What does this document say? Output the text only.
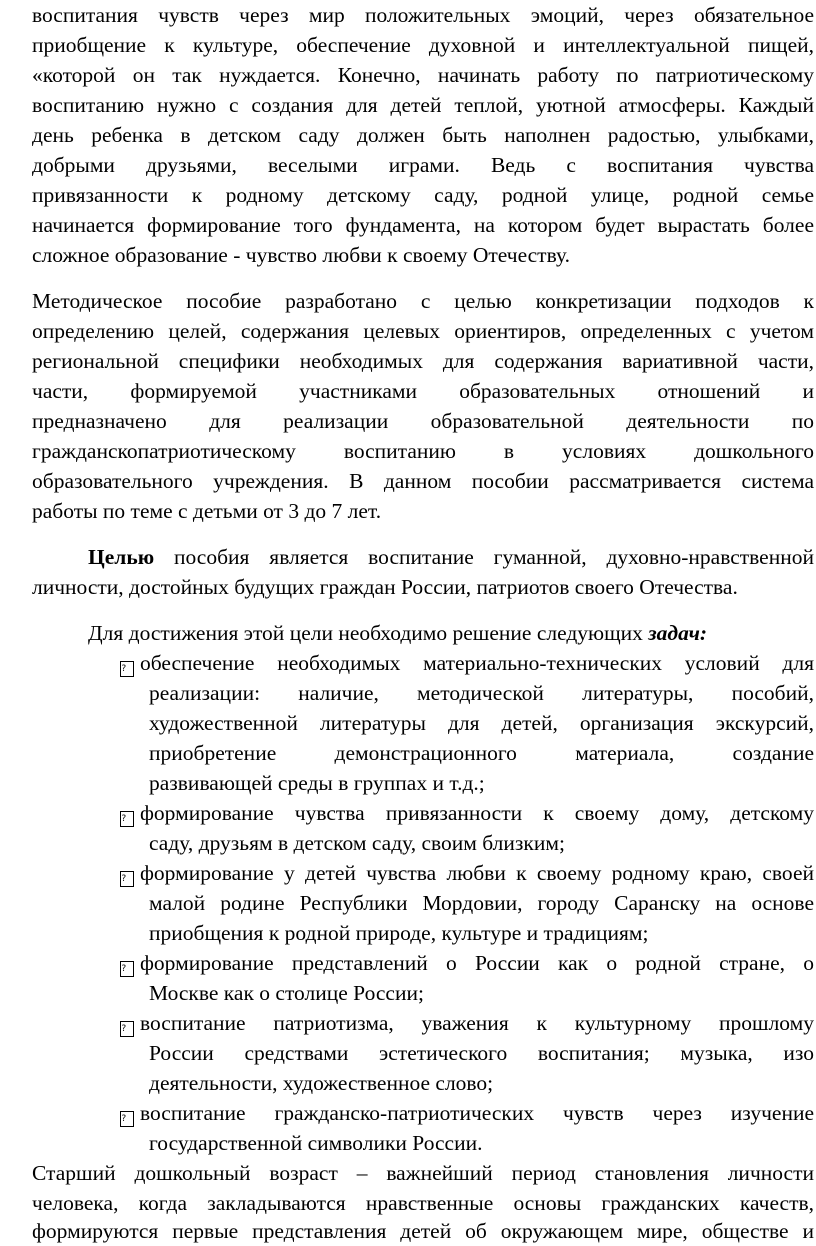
воспитания чувств через мир положительных эмоций, через обязательное
приобщение к культуре, обеспечение духовной и интеллектуальной пищей,
«которой он так нуждается. Конечно, начинать работу по патриотическому
воспитанию нужно с создания для детей теплой, уютной атмосферы. Каждый
день ребенка в детском саду должен быть наполнен радостью, улыбками,
добрыми друзьями, веселыми играми. Ведь с воспитания чувства
привязанности к родному детскому саду, родной улице, родной семье
начинается формирование того фундамента, на котором будет вырастать более
сложное образование - чувство любви к своему Отечеству.
Методическое пособие разработано с целью конкретизации подходов к
определению целей, содержания целевых ориентиров, определенных с учетом
региональной специфики необходимых для содержания вариативной части,
части, формируемой участниками образовательных отношений и
предназначено для реализации образовательной деятельности по
гражданскопатриотическому воспитанию в условиях дошкольного
образовательного учреждения. В данном пособии рассматривается система
работы по теме с детьми от 3 до 7 лет.
Целью пособия является воспитание гуманной, духовно-нравственной
личности, достойных будущих граждан России, патриотов своего Отечества.
Для достижения этой цели необходимо решение следующих задач:
? обеспечение необходимых материально-технических условий для
реализации: наличие, методической литературы, пособий,
художественной литературы для детей, организация экскурсий,
приобретение демонстрационного материала, создание
развивающей среды в группах и т.д.;
? формирование чувства привязанности к своему дому, детскому
саду, друзьям в детском саду, своим близким;
? формирование у детей чувства любви к своему родному краю, своей
малой родине Республики Мордовии, городу Саранску на основе
приобщения к родной природе, культуре и традициям;
? формирование представлений о России как о родной стране, о
Москве как о столице России;
? воспитание патриотизма, уважения к культурному прошлому
России средствами эстетического воспитания; музыка, изо
деятельности, художественное слово;
? воспитание гражданско-патриотических чувств через изучение
государственной символики России.
Старший дошкольный возраст – важнейший период становления личности
человека, когда закладываются нравственные основы гражданских качеств,
формируются первые представления детей об окружающем мире, обществе и
